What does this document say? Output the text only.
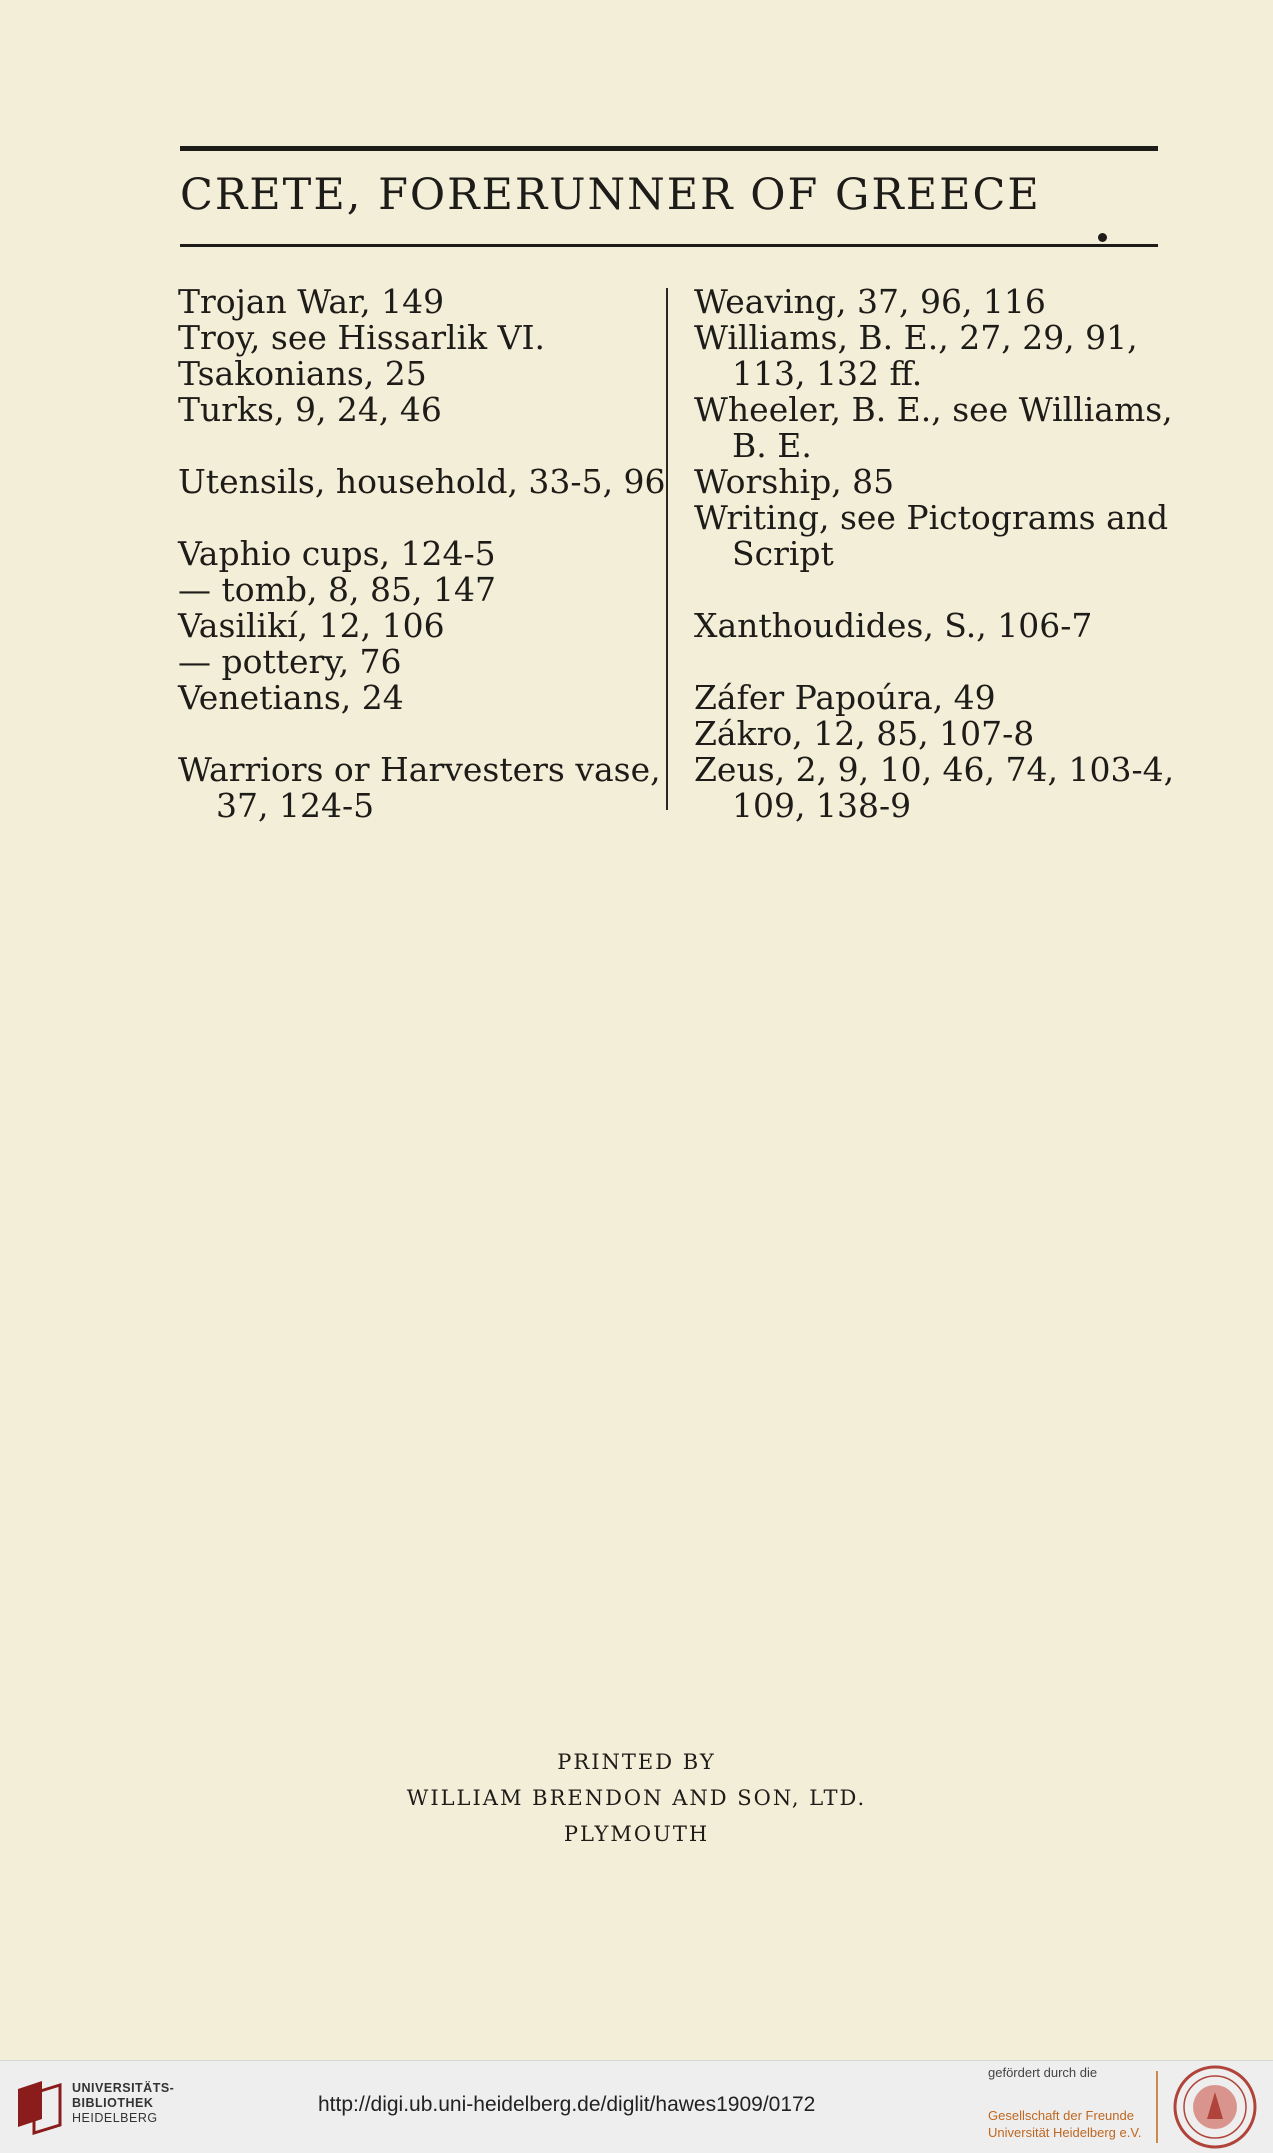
CRETE, FORERUNNER OF GREECE
Trojan War, 149
Troy, see Hissarlik VI.
Tsakonians, 25
Turks, 9, 24, 46
Utensils, household, 33-5, 96
Vaphio cups, 124-5
— tomb, 8, 85, 147
Vasilikí, 12, 106
— pottery, 76
Venetians, 24
Warriors or Harvesters vase,
37, 124-5
Weaving, 37, 96, 116
Williams, B. E., 27, 29, 91,
113, 132 ff.
Wheeler, B. E., see Williams,
B. E.
Worship, 85
Writing, see Pictograms and
Script
Xanthoudides, S., 106-7
Záfer Papoúra, 49
Zákro, 12, 85, 107-8
Zeus, 2, 9, 10, 46, 74, 103-4,
109, 138-9
PRINTED BY
WILLIAM BRENDON AND SON, LTD.
PLYMOUTH
UNIVERSITÄTS-
BIBLIOTHEK
HEIDELBERG
http://digi.ub.uni-heidelberg.de/diglit/hawes1909/0172
gefördert durch die
Gesellschaft der Freunde
Universität Heidelberg e.V.
